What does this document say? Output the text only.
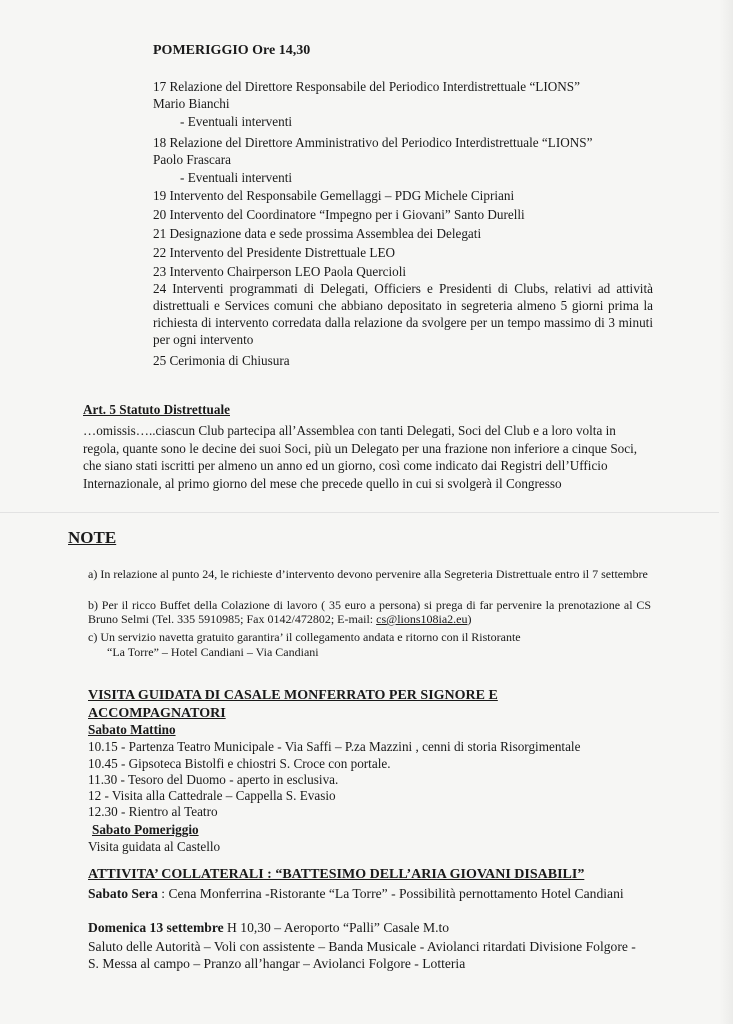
POMERIGGIO Ore 14,30
17 Relazione del Direttore Responsabile del Periodico Interdistrettuale “LIONS”
Mario Bianchi
- Eventuali interventi
18 Relazione del Direttore Amministrativo del Periodico Interdistrettuale “LIONS”
Paolo Frascara
- Eventuali interventi
19 Intervento del Responsabile Gemellaggi – PDG Michele Cipriani
20 Intervento del Coordinatore “Impegno per i Giovani” Santo Durelli
21 Designazione data e sede prossima Assemblea dei Delegati
22 Intervento del Presidente Distrettuale LEO
23 Intervento Chairperson LEO Paola Quercioli
24 Interventi programmati di Delegati, Officiers e Presidenti di Clubs, relativi ad attività distrettuali e Services comuni che abbiano depositato in segreteria almeno 5 giorni prima la richiesta di intervento corredata dalla relazione da svolgere per un tempo massimo di 3 minuti per ogni intervento
25 Cerimonia di Chiusura
Art. 5 Statuto Distrettuale
…omissis…..ciascun Club partecipa all’Assemblea con tanti Delegati, Soci del Club e a loro volta in regola, quante sono le decine dei suoi Soci, più un Delegato per una frazione non inferiore a cinque Soci, che siano stati iscritti per almeno un anno ed un giorno, così come indicato dai Registri dell’Ufficio Internazionale, al primo giorno del mese che precede quello in cui si svolgerà il Congresso
NOTE
a) In relazione al punto 24, le richieste d’intervento devono pervenire alla Segreteria Distrettuale entro il 7 settembre
b) Per il ricco Buffet della Colazione di lavoro ( 35 euro a persona) si prega di far pervenire la prenotazione al CS Bruno Selmi (Tel. 335 5910985; Fax 0142/472802; E-mail: cs@lions108ia2.eu)
c) Un servizio navetta gratuito garantira’ il collegamento andata e ritorno con il Ristorante
“La Torre” – Hotel Candiani – Via Candiani
VISITA GUIDATA DI CASALE MONFERRATO PER SIGNORE E
ACCOMPAGNATORI
Sabato Mattino
10.15 - Partenza Teatro Municipale - Via Saffi – P.za Mazzini , cenni di storia Risorgimentale
10.45 - Gipsoteca Bistolfi e chiostri S. Croce con portale.
11.30 - Tesoro del Duomo - aperto in esclusiva.
12 - Visita alla Cattedrale – Cappella S. Evasio
12.30 - Rientro al Teatro
Sabato Pomeriggio
Visita guidata al Castello
ATTIVITA’ COLLATERALI : “BATTESIMO DELL’ARIA GIOVANI DISABILI”
Sabato Sera : Cena Monferrina -Ristorante “La Torre” - Possibilità pernottamento Hotel Candiani
Domenica 13 settembre H 10,30 – Aeroporto “Palli” Casale M.to
Saluto delle Autorità – Voli con assistente – Banda Musicale - Aviolanci ritardati Divisione Folgore - S. Messa al campo – Pranzo all’hangar – Aviolanci Folgore - Lotteria
